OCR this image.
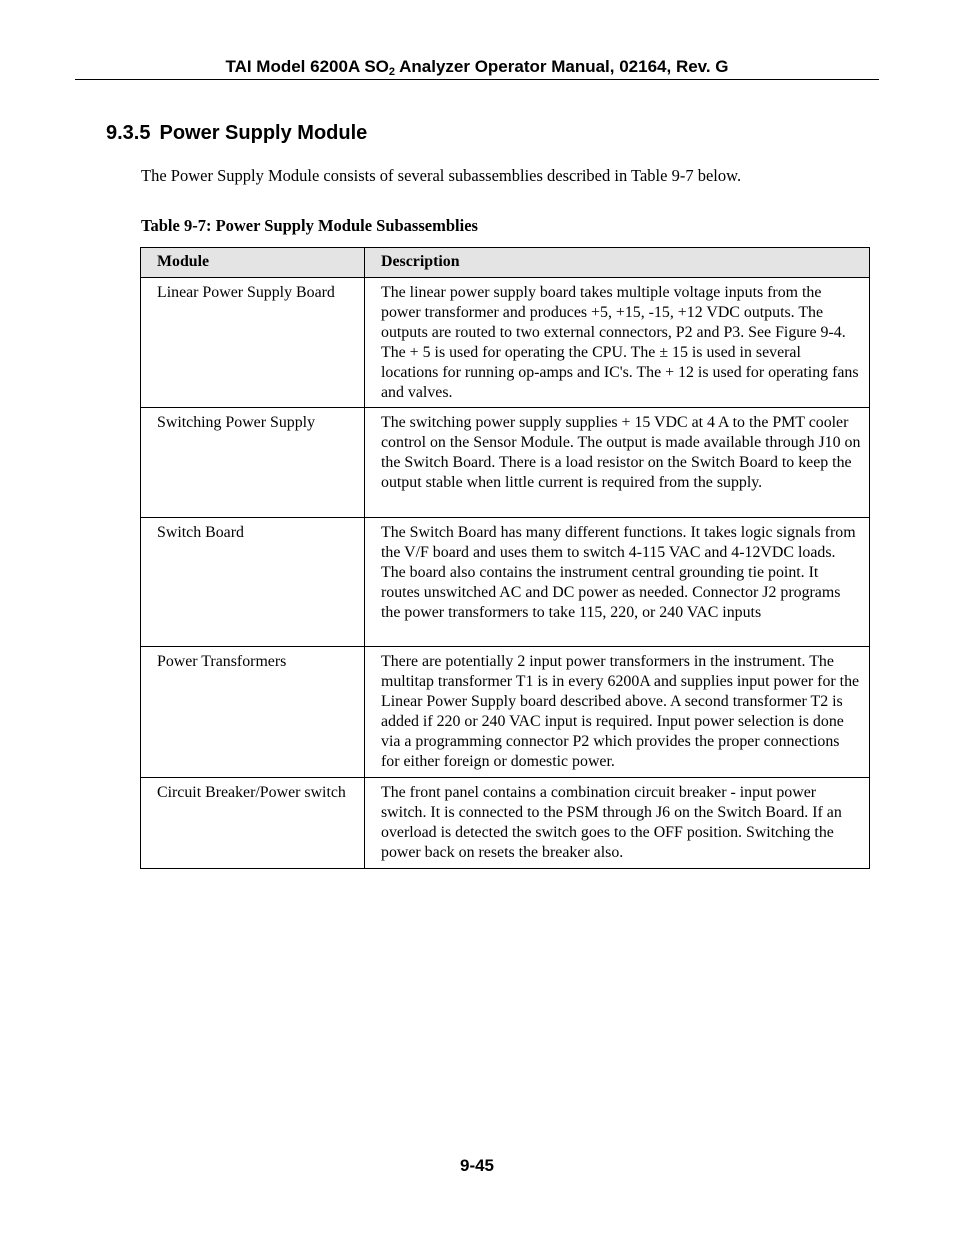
TAI Model 6200A $SO_2$ Analyzer Operator Manual, 02164, Rev. G
9.3.5 Power Supply Module
The Power Supply Module consists of several subassemblies described in Table 9-7 below.
Table 9-7: Power Supply Module Subassemblies
Module	Description
Linear Power Supply Board	The linear power supply board takes multiple voltage inputs from the power transformer and produces +5, +15, -15, +12 VDC outputs. The outputs are routed to two external connectors, P2 and P3. See Figure 9-4. The + 5 is used for operating the CPU. The ± 15 is used in several locations for running op-amps and IC's. The + 12 is used for operating fans and valves.
Switching Power Supply	The switching power supply supplies + 15 VDC at 4 A to the PMT cooler control on the Sensor Module. The output is made available through J10 on the Switch Board. There is a load resistor on the Switch Board to keep the output stable when little current is required from the supply.
Switch Board	The Switch Board has many different functions. It takes logic signals from the V/F board and uses them to switch 4-115 VAC and 4-12VDC loads. The board also contains the instrument central grounding tie point. It routes unswitched AC and DC power as needed. Connector J2 programs the power transformers to take 115, 220, or 240 VAC inputs
Power Transformers	There are potentially 2 input power transformers in the instrument. The multitap transformer T1 is in every 6200A and supplies input power for the Linear Power Supply board described above. A second transformer T2 is added if 220 or 240 VAC input is required. Input power selection is done via a programming connector P2 which provides the proper connections for either foreign or domestic power.
Circuit Breaker/Power switch	The front panel contains a combination circuit breaker - input power switch. It is connected to the PSM through J6 on the Switch Board. If an overload is detected the switch goes to the OFF position. Switching the power back on resets the breaker also.
9-45
